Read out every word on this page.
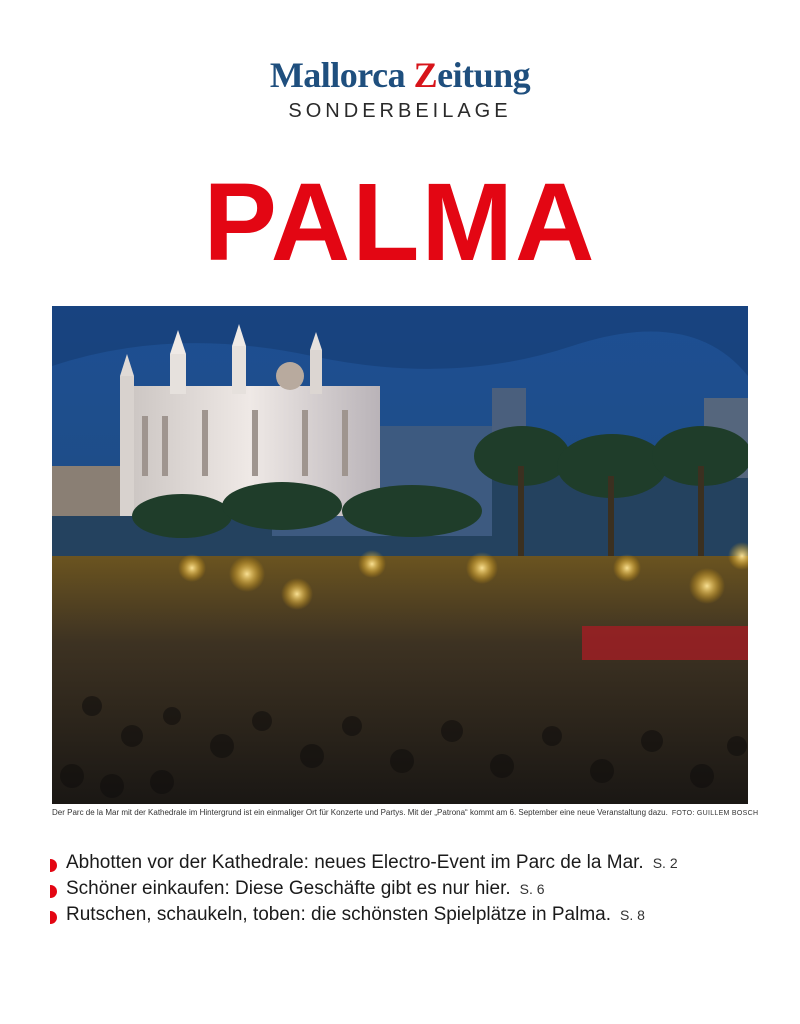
Mallorca Zeitung
SONDERBEILAGE
PALMA
Der Parc de la Mar mit der Kathedrale im Hintergrund ist ein einmaliger Ort für Konzerte und Partys. Mit der „Patrona“ kommt am 6. September eine neue Veranstaltung dazu. FOTO: GUILLEM BOSCH
Abhotten vor der Kathedrale: neues Electro-Event im Parc de la Mar. S. 2
Schöner einkaufen: Diese Geschäfte gibt es nur hier. S. 6
Rutschen, schaukeln, toben: die schönsten Spielplätze in Palma. S. 8
